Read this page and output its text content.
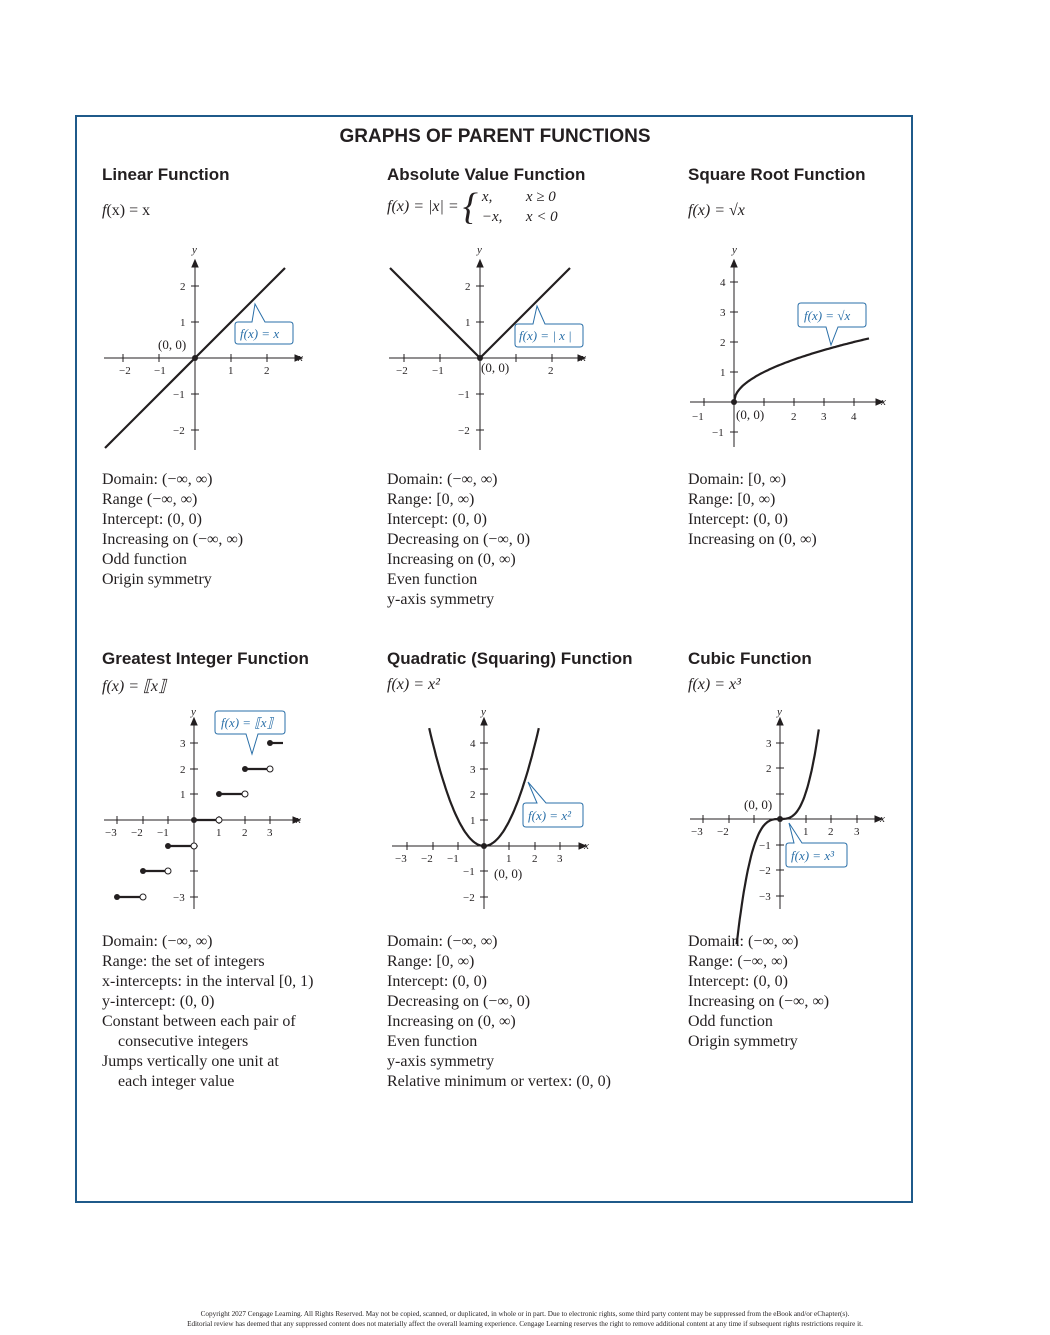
GRAPHS OF PARENT FUNCTIONS
Linear Function
f(x) = x
Domain: (−∞, ∞)
Range (−∞, ∞)
Intercept: (0, 0)
Increasing on (−∞, ∞)
Odd function
Origin symmetry
x
y
−2 −1	1	2
2
1
−1
−2
(0, 0)
f(x) = x
Absolute Value Function
f(x) = |x| = { x, x ≥ 0
−x, x < 0
Domain: (−∞, ∞)
Range: [0, ∞)
Intercept: (0, 0)
Decreasing on (−∞, 0)
Increasing on (0, ∞)
Even function
y-axis symmetry
x
y
−2 −1	2
2
1
−1
−2
(0, 0)
f(x) = | x |
Square Root Function
f(x) = √x
Domain: [0, ∞)
Range: [0, ∞)
Intercept: (0, 0)
Increasing on (0, ∞)
x
y
−1	2 3 4
4
3
2
1
−1
(0, 0)
f(x) = √x
Greatest Integer Function
f(x) = ⟦x⟧
Domain: (−∞, ∞)
Range: the set of integers
x-intercepts: in the interval [0, 1)
y-intercept: (0, 0)
Constant between each pair of
consecutive integers
Jumps vertically one unit at
each integer value
x
y
−3 −2 −1	1 2 3
3
2
1
−3
f(x) = ⟦x⟧
Quadratic (Squaring) Function
f(x) = x²
Domain: (−∞, ∞)
Range: [0, ∞)
Intercept: (0, 0)
Decreasing on (−∞, 0)
Increasing on (0, ∞)
Even function
y-axis symmetry
Relative minimum or vertex: (0, 0)
x
y
−3 −2 −1	1 2 3
4
3
2
1
−1
−2
(0, 0)
f(x) = x²
Cubic Function
f(x) = x³
Domain: (−∞, ∞)
Range: (−∞, ∞)
Intercept: (0, 0)
Increasing on (−∞, ∞)
Odd function
Origin symmetry
x
y
−3 −2	1 2 3
3
2
−1
−2
−3
(0, 0)
f(x) = x³
Copyright 2027 Cengage Learning. All Rights Reserved. May not be copied, scanned, or duplicated, in whole or in part. Due to electronic rights, some third party content may be suppressed from the eBook and/or eChapter(s).
Editorial review has deemed that any suppressed content does not materially affect the overall learning experience. Cengage Learning reserves the right to remove additional content at any time if subsequent rights restrictions require it.
